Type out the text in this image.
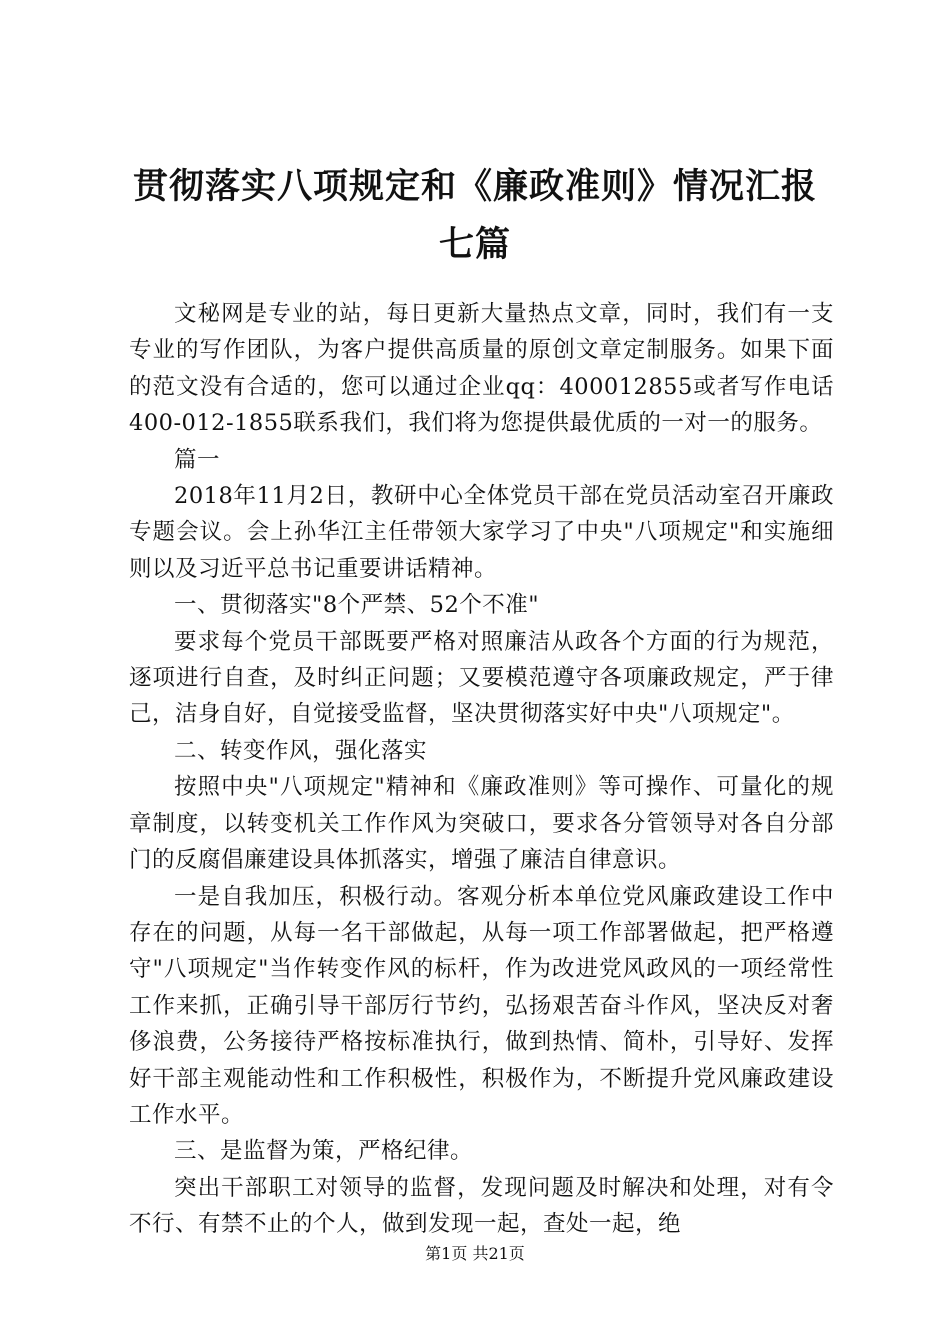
贯彻落实八项规定和《廉政准则》情况汇报七篇

文秘网是专业的站，每日更新大量热点文章，同时，我们有一支专业的写作团队，为客户提供高质量的原创文章定制服务。如果下面的范文没有合适的，您可以通过企业qq：400012855或者写作电话400-012-1855联系我们，我们将为您提供最优质的一对一的服务。

篇一

2018年11月2日，教研中心全体党员干部在党员活动室召开廉政专题会议。会上孙华江主任带领大家学习了中央"八项规定"和实施细则以及习近平总书记重要讲话精神。

一、贯彻落实"8个严禁、52个不准"

要求每个党员干部既要严格对照廉洁从政各个方面的行为规范，逐项进行自查，及时纠正问题；又要模范遵守各项廉政规定，严于律己，洁身自好，自觉接受监督，坚决贯彻落实好中央"八项规定"。

二、转变作风，强化落实

按照中央"八项规定"精神和《廉政准则》等可操作、可量化的规章制度，以转变机关工作作风为突破口，要求各分管领导对各自分部门的反腐倡廉建设具体抓落实，增强了廉洁自律意识。

一是自我加压，积极行动。客观分析本单位党风廉政建设工作中存在的问题，从每一名干部做起，从每一项工作部署做起，把严格遵守"八项规定"当作转变作风的标杆，作为改进党风政风的一项经常性工作来抓，正确引导干部厉行节约，弘扬艰苦奋斗作风，坚决反对奢侈浪费，公务接待严格按标准执行，做到热情、简朴，引导好、发挥好干部主观能动性和工作积极性，积极作为，不断提升党风廉政建设工作水平。

三、是监督为策，严格纪律。

突出干部职工对领导的监督，发现问题及时解决和处理，对有令不行、有禁不止的个人，做到发现一起，查处一起，绝

第1页 共21页
